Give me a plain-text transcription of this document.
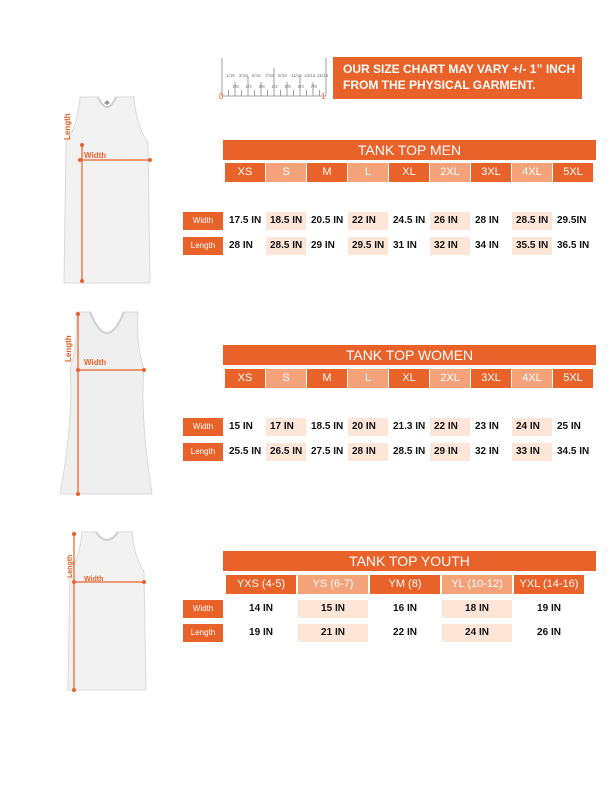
0	1
1/16
1/8
3/16
1/4
5/16
3/8
7/16
1/2
9/16
5/8
11/16
3/4
13/16
7/8
15/16 OUR SIZE CHART MAY VARY +/- 1” INCH
FROM THE PHYSICAL GARMENT.
Length
Width
Length
Width
Length
Width
TANK TOP MEN
XS	S	M	L	XL	2XL	3XL	4XL	5XL
Width	17.5 IN 18.5 IN 20.5 IN 22 IN	24.5 IN 26 IN	28 IN	28.5 IN 29.5IN
Length	28 IN	28.5 IN 29 IN	29.5 IN 31 IN	32 IN	34 IN	35.5 IN 36.5 IN
TANK TOP WOMEN
XS	S	M	L	XL	2XL	3XL	4XL	5XL
Width	15 IN	17 IN	18.5 IN 20 IN	21.3 IN 22 IN	23 IN	24 IN	25 IN
Length	25.5 IN 26.5 IN 27.5 IN 28 IN	28.5 IN 29 IN	32 IN	33 IN	34.5 IN
TANK TOP YOUTH
YXS (4-5)	YS (6-7)	YM (8)	YL (10-12)	YXL (14-16)
Width	14 IN	15 IN	16 IN	18 IN	19 IN
Length	19 IN	21 IN	22 IN	24 IN	26 IN
